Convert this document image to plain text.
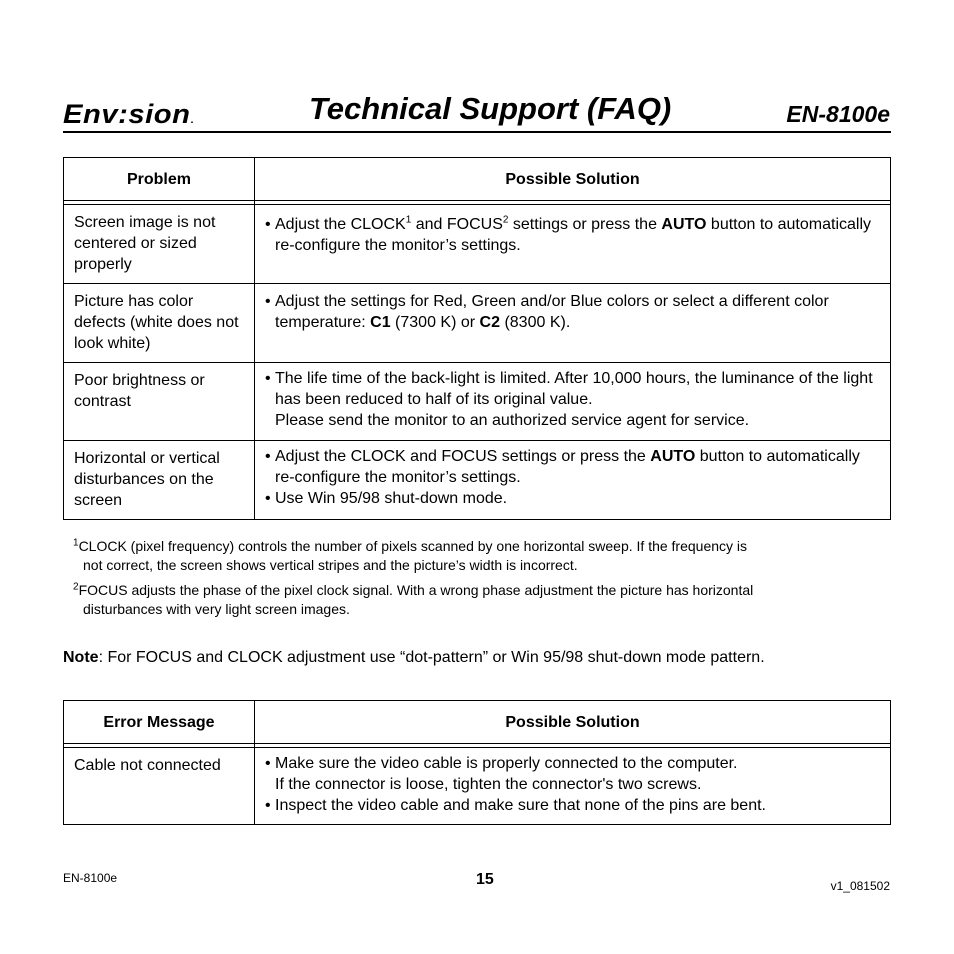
Env:sion.	Technical Support (FAQ)	EN-8100e
Problem	Possible Solution

Screen image is not centered or sized properly	• Adjust the CLOCK$^1$ and FOCUS$^2$ settings or press the AUTO button to automatically re-configure the monitor’s settings.

Picture has color defects (white does not look white)	• Adjust the settings for Red, Green and/or Blue colors or select a different color temperature: C1 (7300 K) or C2 (8300 K).

Poor brightness or contrast	• The life time of the back-light is limited. After 10,000 hours, the luminance of the light has been reduced to half of its original value.
Please send the monitor to an authorized service agent for service.

Horizontal or vertical disturbances on the screen	• Adjust the CLOCK and FOCUS settings or press the AUTO button to automatically re-configure the monitor’s settings.
• Use Win 95/98 shut-down mode.
$^1$CLOCK (pixel frequency) controls the number of pixels scanned by one horizontal sweep. If the frequency is
not correct, the screen shows vertical stripes and the picture’s width is incorrect.
$^2$FOCUS adjusts the phase of the pixel clock signal. With a wrong phase adjustment the picture has horizontal
disturbances with very light screen images.
Note: For FOCUS and CLOCK adjustment use “dot-pattern” or Win 95/98 shut-down mode pattern.
Error Message	Possible Solution

Cable not connected	• Make sure the video cable is properly connected to the computer.
If the connector is loose, tighten the connector's two screws.
• Inspect the video cable and make sure that none of the pins are bent.
EN-8100e	15	v1_081502
